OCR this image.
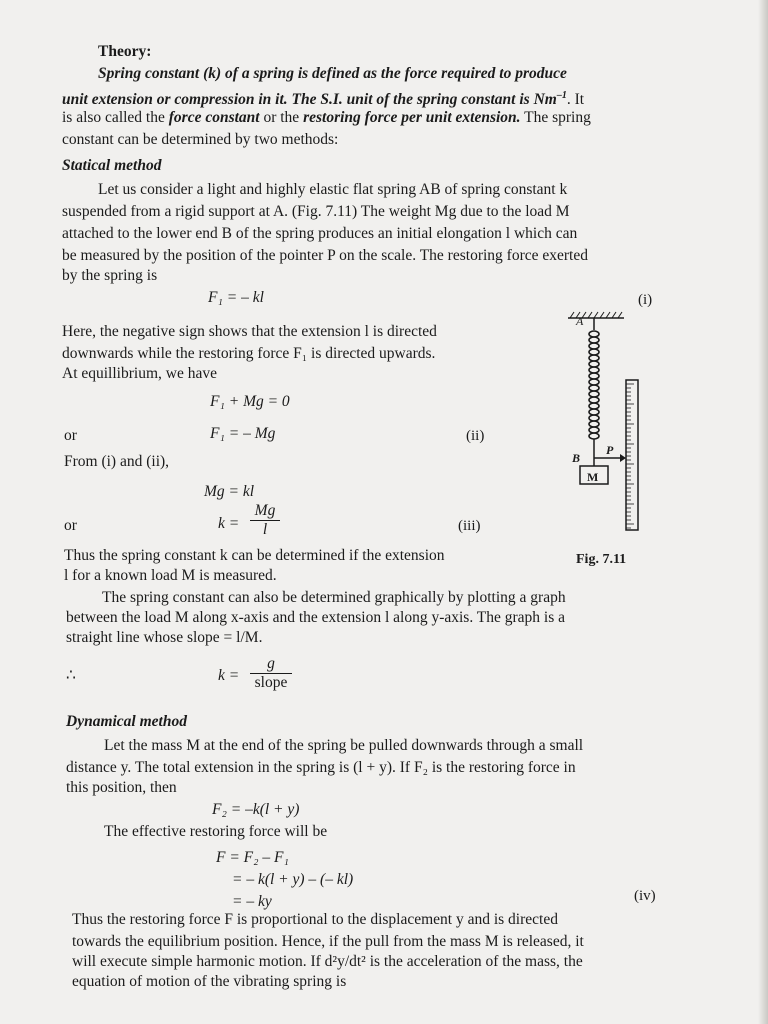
Theory:
Spring constant (k) of a spring is defined as the force required to produce
unit extension or compression in it. The S.I. unit of the spring constant is $Nm^{-1}$. It
is also called the force constant or the restoring force per unit extension. The spring
constant can be determined by two methods:
Statical method
Let us consider a light and highly elastic flat spring AB of spring constant k
suspended from a rigid support at A. (Fig. 7.11) The weight Mg due to the load M
attached to the lower end B of the spring produces an initial elongation l which can
be measured by the position of the pointer P on the scale. The restoring force exerted
by the spring is
F₁ = – kl	(i)
Here, the negative sign shows that the extension l is directed
downwards while the restoring force F₁ is directed upwards.
At equillibrium, we have
F₁ + Mg = 0
or	F₁ = – Mg	(ii)
From (i) and (ii),
Mg = kl
or	$k = \frac{Mg}{l}$	(iii)
Thus the spring constant k can be determined if the extension
l for a known load M is measured.
The spring constant can also be determined graphically by plotting a graph
between the load M along x-axis and the extension l along y-axis. The graph is a
straight line whose slope = l/M.
∴	k =
g
slope
A
B
P
M
Fig. 7.11
Dynamical method
Let the mass M at the end of the spring be pulled downwards through a small
distance y. The total extension in the spring is (l + y). If F₂ is the restoring force in
this position, then
F₂ = –k(l + y)
The effective restoring force will be
F = F₂ – F₁
= – k(l + y) – (– kl)
= – ky	(iv)
Thus the restoring force F is proportional to the displacement y and is directed
towards the equilibrium position. Hence, if the pull from the mass M is released, it
will execute simple harmonic motion. If d²y/dt² is the acceleration of the mass, the
equation of motion of the vibrating spring is
